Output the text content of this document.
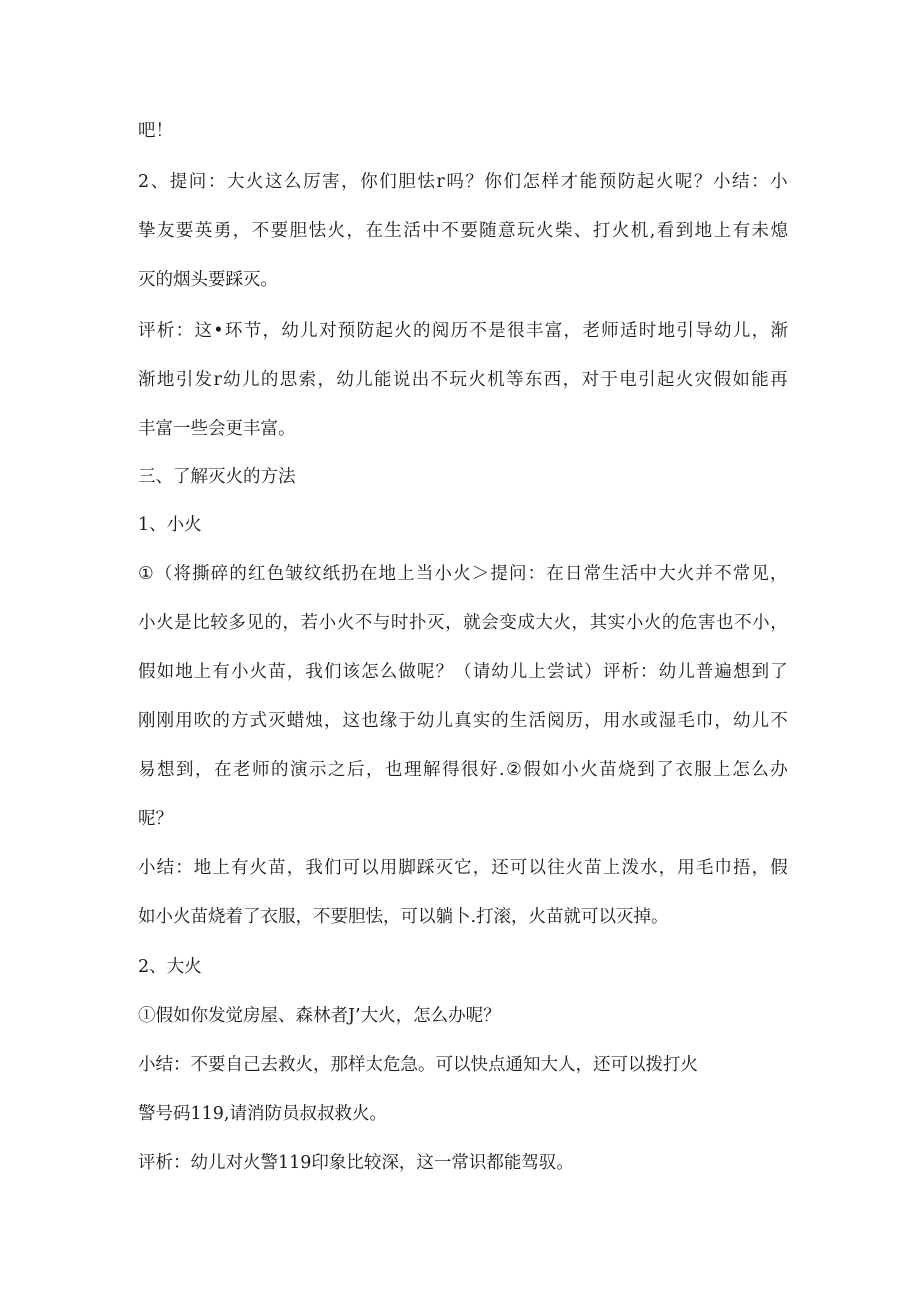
吧！
2 、 提 问 ： 大 火 这 么 厉 害 ， 你 们 胆 怯 r 吗 ？ 你 们 怎 样 才 能 预 防 起 火 呢 ？ 小 结 ： 小
挚 友 要 英 勇 ， 不 要 胆 怯 火 ， 在 生 活 中 不 要 随 意 玩 火 柴 、 打 火 机 , 看 到 地 上 有 未 熄
灭的烟头要踩灭。
评 析 ： 这 • 环 节 ， 幼 儿 对 预 防 起 火 的 阅 历 不 是 很 丰 富 ， 老 师 适 时 地 引 导 幼 儿 ， 渐
渐 地 引 发 r 幼 儿 的 思 索 ， 幼 儿 能 说 出 不 玩 火 机 等 东 西 ， 对 于 电 引 起 火 灾 假 如 能 再
丰富一些会更丰富。
三、了解灭火的方法
1、小火
① （ 将 撕 碎 的 红 色 皱 纹 纸 扔 在 地 上 当 小 火 ＞ 提 问 ： 在 日 常 生 活 中 大 火 并 不 常 见 ，
小 火 是 比 较 多 见 的 ， 若 小 火 不 与 时 扑 灭 ， 就 会 变 成 大 火 ， 其 实 小 火 的 危 害 也 不 小 ，
假 如 地 上 有 小 火 苗 ， 我 们 该 怎 么 做 呢 ？ （ 请 幼 儿 上 尝 试 ） 评 析 ： 幼 儿 普 遍 想 到 了
刚 刚 用 吹 的 方 式 灭 蜡 烛 ， 这 也 缘 于 幼 儿 真 实 的 生 活 阅 历 ， 用 水 或 湿 毛 巾 ， 幼 儿 不
易 想 到 ， 在 老 师 的 演 示 之 后 ， 也 理 解 得 很 好 . ② 假 如 小 火 苗 烧 到 了 衣 服 上 怎 么 办
呢？
小 结 ： 地 上 有 火 苗 ， 我 们 可 以 用 脚 踩 灭 它 ， 还 可 以 往 火 苗 上 泼 水 ， 用 毛 巾 捂 ， 假
如小火苗烧着了衣服，不要胆怯，可以躺卜.打滚，火苗就可以灭掉。
2、大火
①假如你发觉房屋、森林者J’大火，怎么办呢？
小结：不要自己去救火，那样太危急。可以快点通知大人，还可以拨打火
警号码119,请消防员叔叔救火。
评析：幼儿对火警119印象比较深，这一常识都能驾驭。
